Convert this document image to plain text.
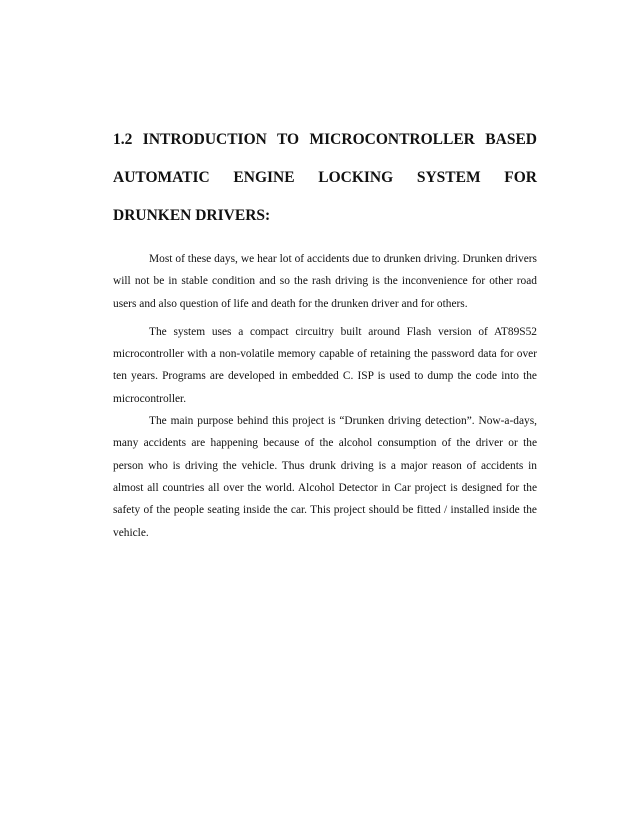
1.2 INTRODUCTION TO MICROCONTROLLER BASED

AUTOMATIC ENGINE LOCKING SYSTEM FOR

DRUNKEN DRIVERS:

Most of these days, we hear lot of accidents due to drunken driving. Drunken drivers will not be in stable condition and so the rash driving is the inconvenience for other road users and also question of life and death for the drunken driver and for others.

The system uses a compact circuitry built around Flash version of AT89S52 microcontroller with a non-volatile memory capable of retaining the password data for over ten years. Programs are developed in embedded C. ISP is used to dump the code into the microcontroller.

The main purpose behind this project is “Drunken driving detection”. Now-a-days, many accidents are happening because of the alcohol consumption of the driver or the person who is driving the vehicle. Thus drunk driving is a major reason of accidents in almost all countries all over the world. Alcohol Detector in Car project is designed for the safety of the people seating inside the car. This project should be fitted / installed inside the vehicle.
